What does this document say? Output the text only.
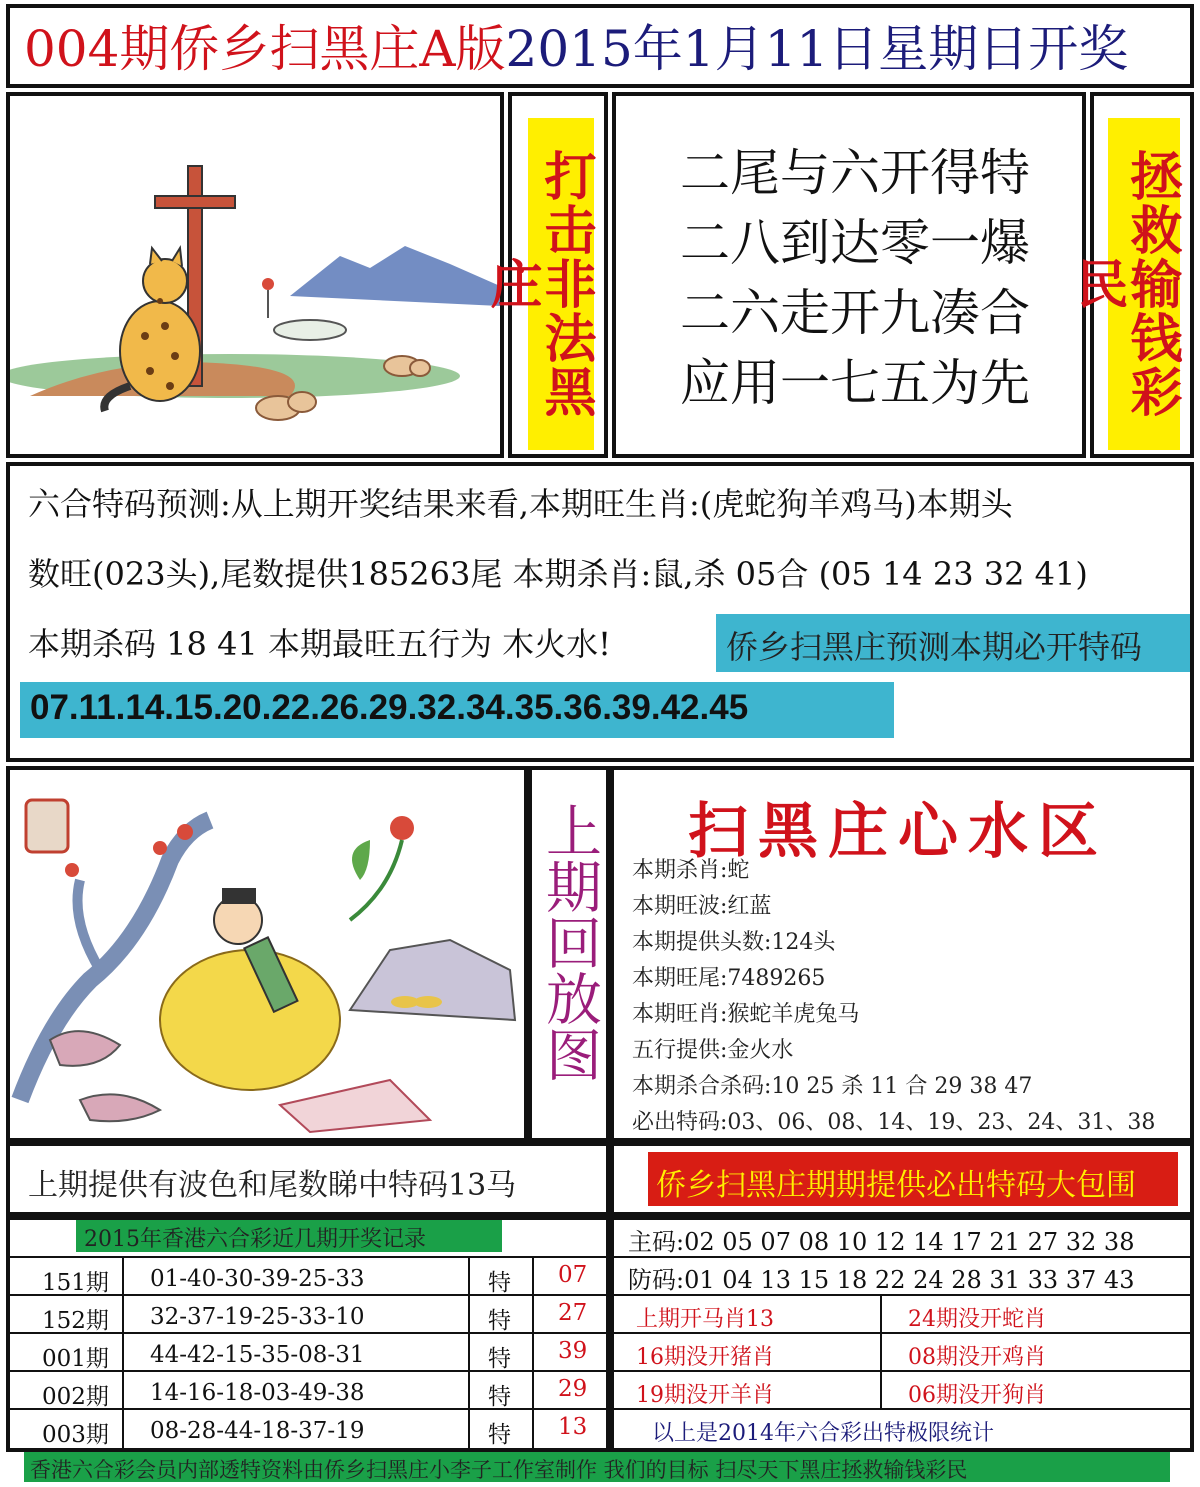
004期侨乡扫黑庄A版2015年1月11日星期日开奖
打击非法黑庄
二尾与六开得特
二八到达零一爆
二六走开九凑合
应用一七五为先 拯救输钱彩民
六合特码预测:从上期开奖结果来看,本期旺生肖:(虎蛇狗羊鸡马)本期头
数旺(023头),尾数提供185263尾 本期杀肖:鼠,杀 05合 (05 14 23 32 41)
本期杀码 18 41 本期最旺五行为 木火水!	侨乡扫黑庄预测本期必开特码
07.11.14.15.20.22.26.29.32.34.35.36.39.42.45
上期回放图 扫黑庄心水区
本期杀肖:蛇
本期旺波:红蓝
本期提供头数:124头
本期旺尾:7489265
本期旺肖:猴蛇羊虎兔马
五行提供:金火水
本期杀合杀码:10 25 杀 11 合 29 38 47
必出特码:03、06、08、14、19、23、24、31、38
上期提供有波色和尾数睇中特码13马	侨乡扫黑庄期期提供必出特码大包围
2015年香港六合彩近几期开奖记录
151期 01-40-30-39-25-33	特 07
152期 32-37-19-25-33-10	特 27
001期 44-42-15-35-08-31	特 39
002期 14-16-18-03-49-38	特 29
003期 08-28-44-18-37-19	特 13
主码:02 05 07 08 10 12 14 17 21 27 32 38
防码:01 04 13 15 18 22 24 28 31 33 37 43
上期开马肖13	24期没开蛇肖
16期没开猪肖	08期没开鸡肖
19期没开羊肖	06期没开狗肖
以上是2014年六合彩出特极限统计
香港六合彩会员内部透特资料由侨乡扫黑庄小李子工作室制作 我们的目标 扫尽天下黑庄拯救输钱彩民
